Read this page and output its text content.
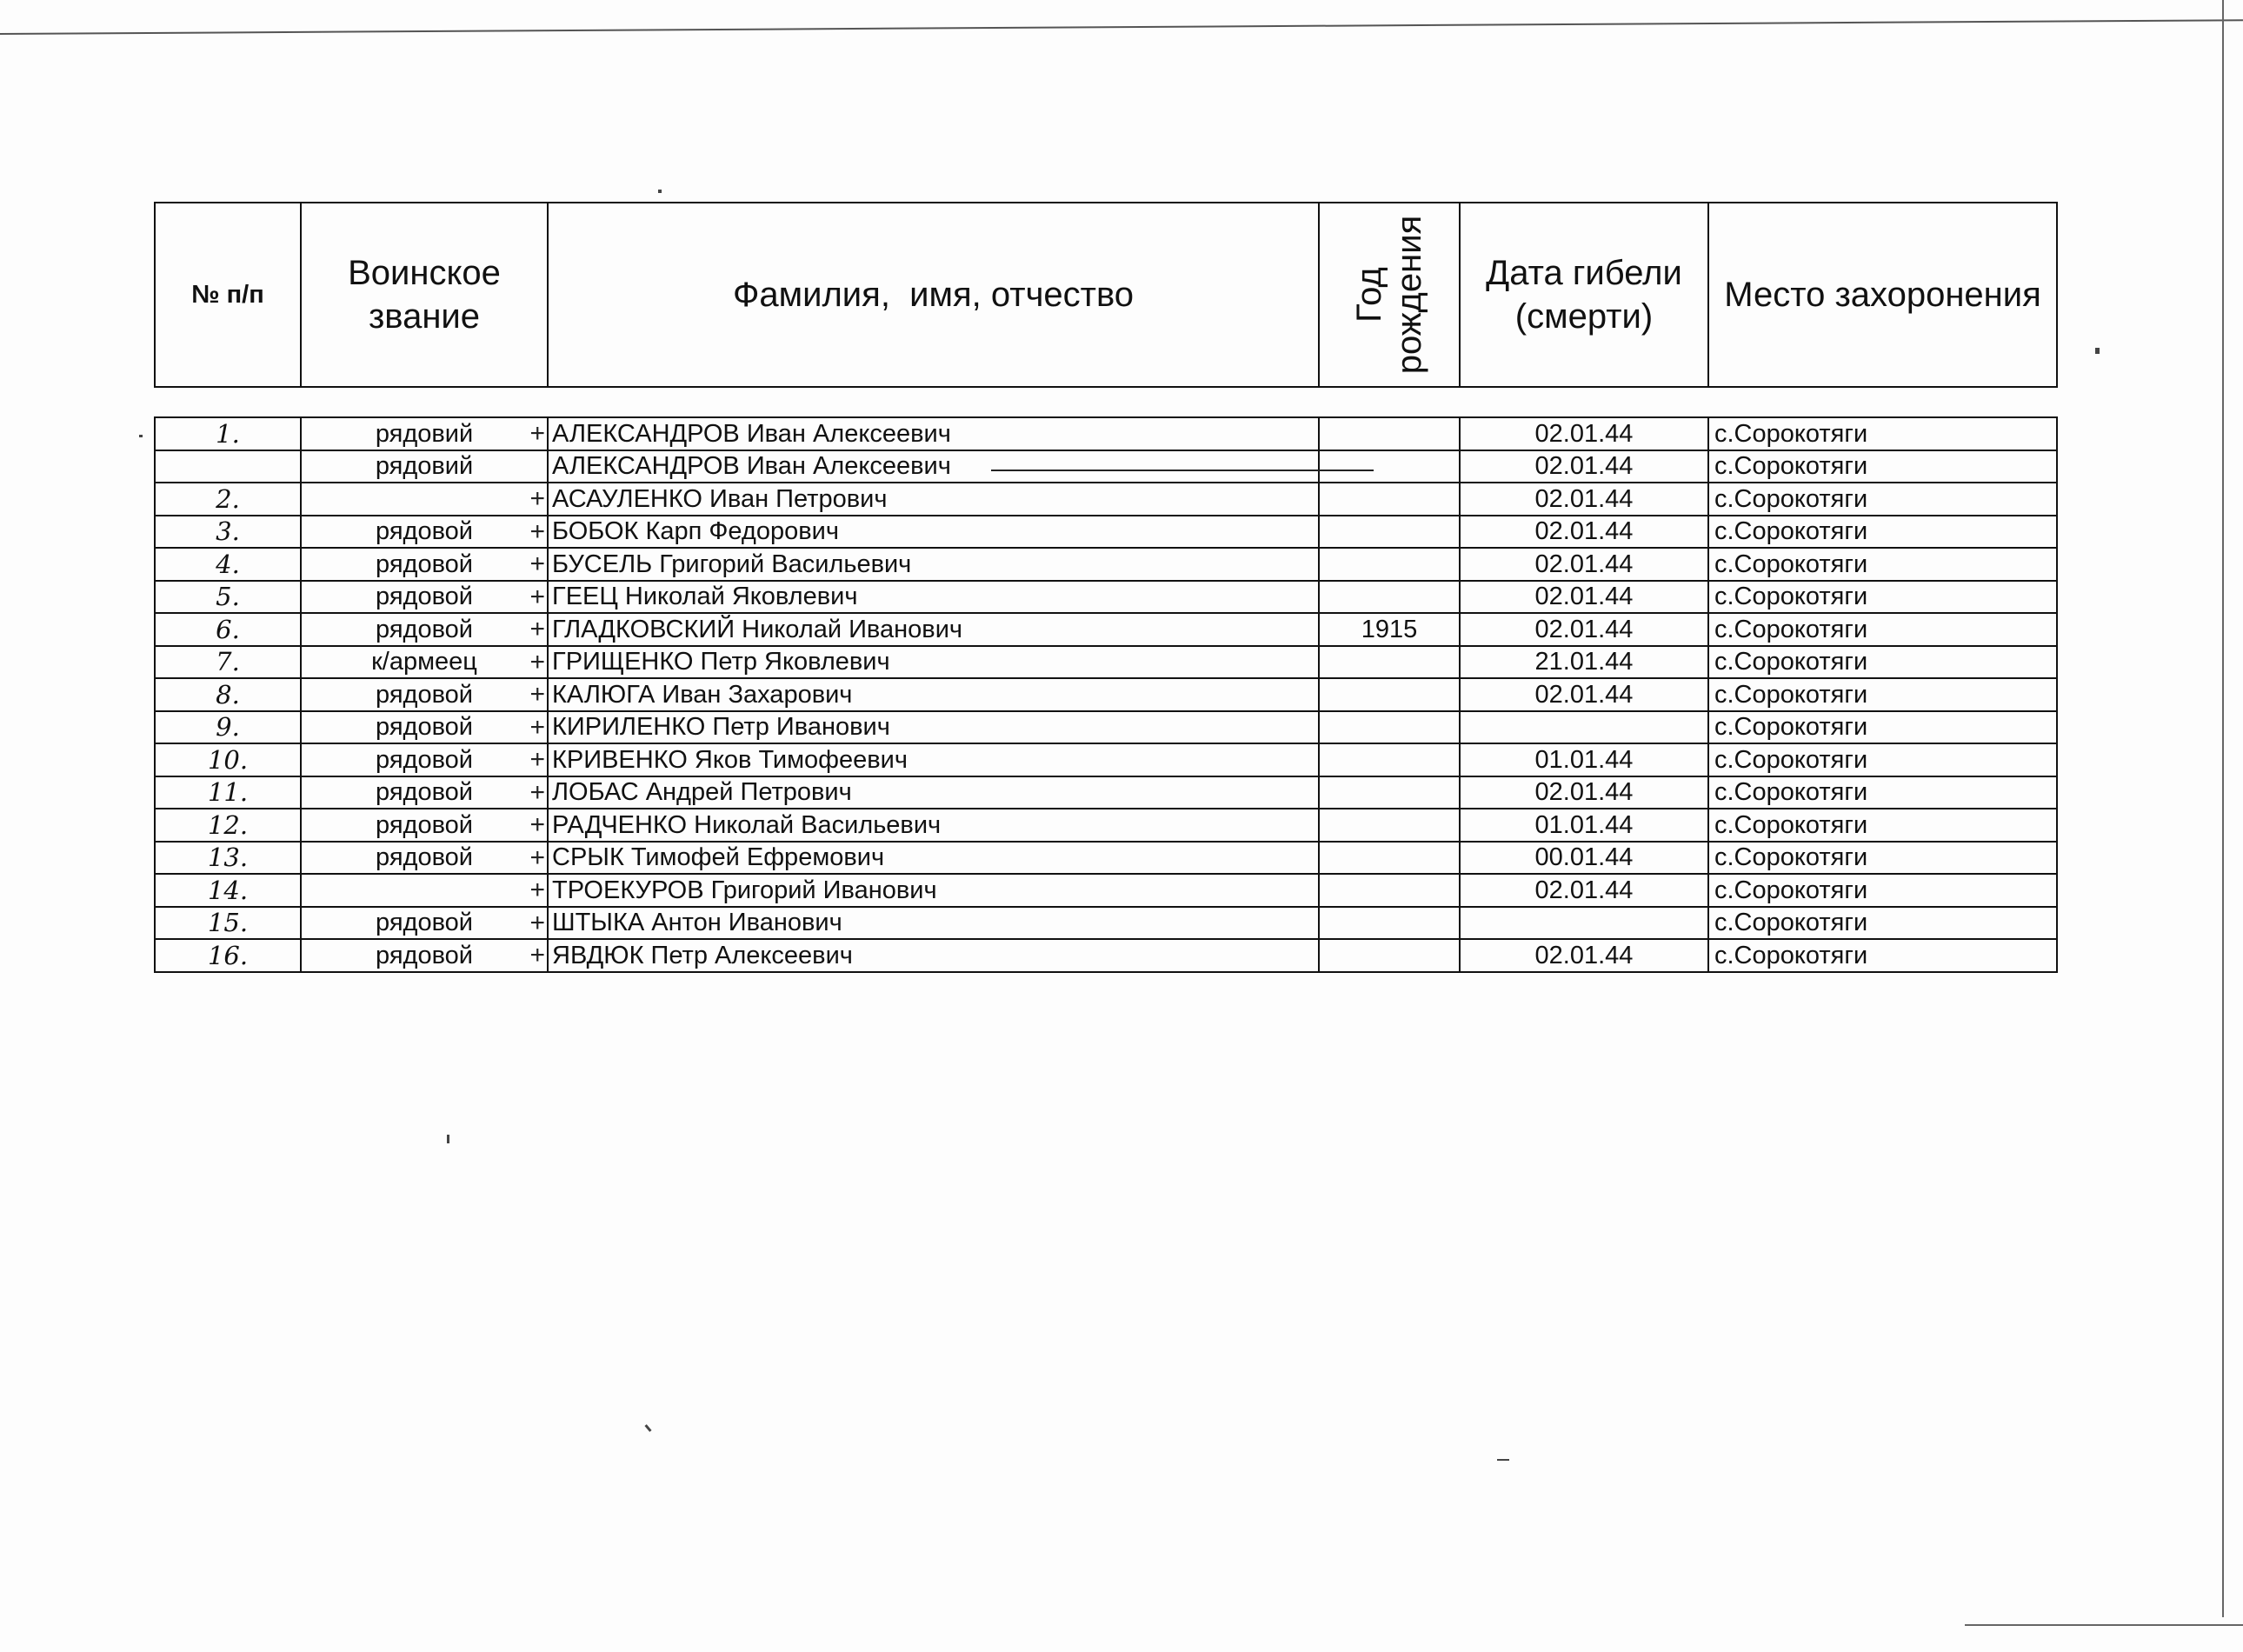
№ п/п	Воинское звание	Фамилия,  имя, отчество	Год рождения	Дата гибели (смерти)	Место захоронения
1.	рядовий +	АЛЕКСАНДРОВ Иван Алексеевич		02.01.44	с.Сорокотяги
	рядовий	АЛЕКСАНДРОВ Иван Алексеевич		02.01.44	с.Сорокотяги
2.	+	АСАУЛЕНКО Иван Петрович		02.01.44	с.Сорокотяги
3.	рядовой +	БОБОК Карп Федорович		02.01.44	с.Сорокотяги
4.	рядовой +	БУСЕЛЬ Григорий Васильевич		02.01.44	с.Сорокотяги
5.	рядовой +	ГЕЕЦ Николай Яковлевич		02.01.44	с.Сорокотяги
6.	рядовой +	ГЛАДКОВСКИЙ Николай Иванович	1915	02.01.44	с.Сорокотяги
7.	к/армеец +	ГРИЩЕНКО Петр Яковлевич		21.01.44	с.Сорокотяги
8.	рядовой +	КАЛЮГА Иван Захарович		02.01.44	с.Сорокотяги
9.	рядовой +	КИРИЛЕНКО Петр Иванович			с.Сорокотяги
10.	рядовой +	КРИВЕНКО Яков Тимофеевич		01.01.44	с.Сорокотяги
11.	рядовой +	ЛОБАС Андрей Петрович		02.01.44	с.Сорокотяги
12.	рядовой +	РАДЧЕНКО Николай Васильевич		01.01.44	с.Сорокотяги
13.	рядовой +	СРЫК Тимофей Ефремович		00.01.44	с.Сорокотяги
14.	+	ТРОЕКУРОВ Григорий Иванович		02.01.44	с.Сорокотяги
15.	рядовой +	ШТЫКА Антон Иванович			с.Сорокотяги
16.	рядовой +	ЯВДЮК Петр Алексеевич		02.01.44	с.Сорокотяги
